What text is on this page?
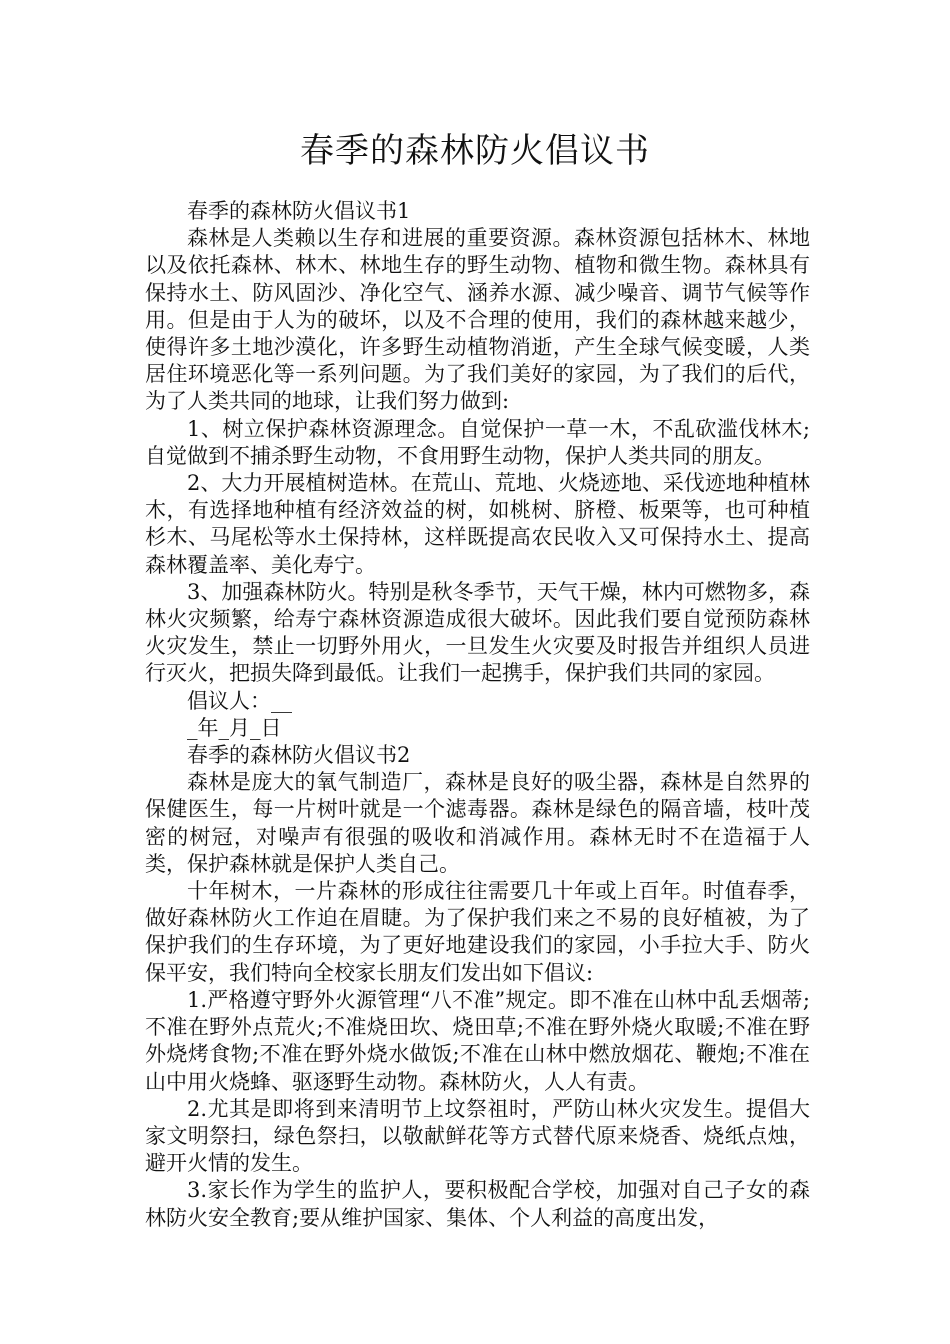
春季的森林防火倡议书

春季的森林防火倡议书1

森林是人类赖以生存和进展的重要资源。森林资源包括林木、林地以及依托森林、林木、林地生存的野生动物、植物和微生物。森林具有保持水土、防风固沙、净化空气、涵养水源、减少噪音、调节气候等作用。但是由于人为的破坏，以及不合理的使用，我们的森林越来越少，使得许多土地沙漠化，许多野生动植物消逝，产生全球气候变暖，人类居住环境恶化等一系列问题。为了我们美好的家园，为了我们的后代，为了人类共同的地球，让我们努力做到:

1、树立保护森林资源理念。自觉保护一草一木，不乱砍滥伐林木;自觉做到不捕杀野生动物，不食用野生动物，保护人类共同的朋友。

2、大力开展植树造林。在荒山、荒地、火烧迹地、采伐迹地种植林木，有选择地种植有经济效益的树，如桃树、脐橙、板栗等，也可种植杉木、马尾松等水土保持林，这样既提高农民收入又可保持水土、提高森林覆盖率、美化寿宁。

3、加强森林防火。特别是秋冬季节，天气干燥，林内可燃物多，森林火灾频繁，给寿宁森林资源造成很大破坏。因此我们要自觉预防森林火灾发生，禁止一切野外用火，一旦发生火灾要及时报告并组织人员进行灭火，把损失降到最低。让我们一起携手，保护我们共同的家园。

倡议人：__

_年_月_日

春季的森林防火倡议书2

森林是庞大的氧气制造厂，森林是良好的吸尘器，森林是自然界的保健医生，每一片树叶就是一个滤毒器。森林是绿色的隔音墙，枝叶茂密的树冠，对噪声有很强的吸收和消减作用。森林无时不在造福于人类，保护森林就是保护人类自己。

十年树木，一片森林的形成往往需要几十年或上百年。时值春季，做好森林防火工作迫在眉睫。为了保护我们来之不易的良好植被，为了保护我们的生存环境，为了更好地建设我们的家园，小手拉大手、防火保平安，我们特向全校家长朋友们发出如下倡议:

1.严格遵守野外火源管理“八不准”规定。即不准在山林中乱丢烟蒂;不准在野外点荒火;不准烧田坎、烧田草;不准在野外烧火取暖;不准在野外烧烤食物;不准在野外烧水做饭;不准在山林中燃放烟花、鞭炮;不准在山中用火烧蜂、驱逐野生动物。森林防火，人人有责。

2.尤其是即将到来清明节上坟祭祖时，严防山林火灾发生。提倡大家文明祭扫，绿色祭扫，以敬献鲜花等方式替代原来烧香、烧纸点烛，避开火情的发生。

3.家长作为学生的监护人，要积极配合学校，加强对自己子女的森林防火安全教育;要从维护国家、集体、个人利益的高度出发，
